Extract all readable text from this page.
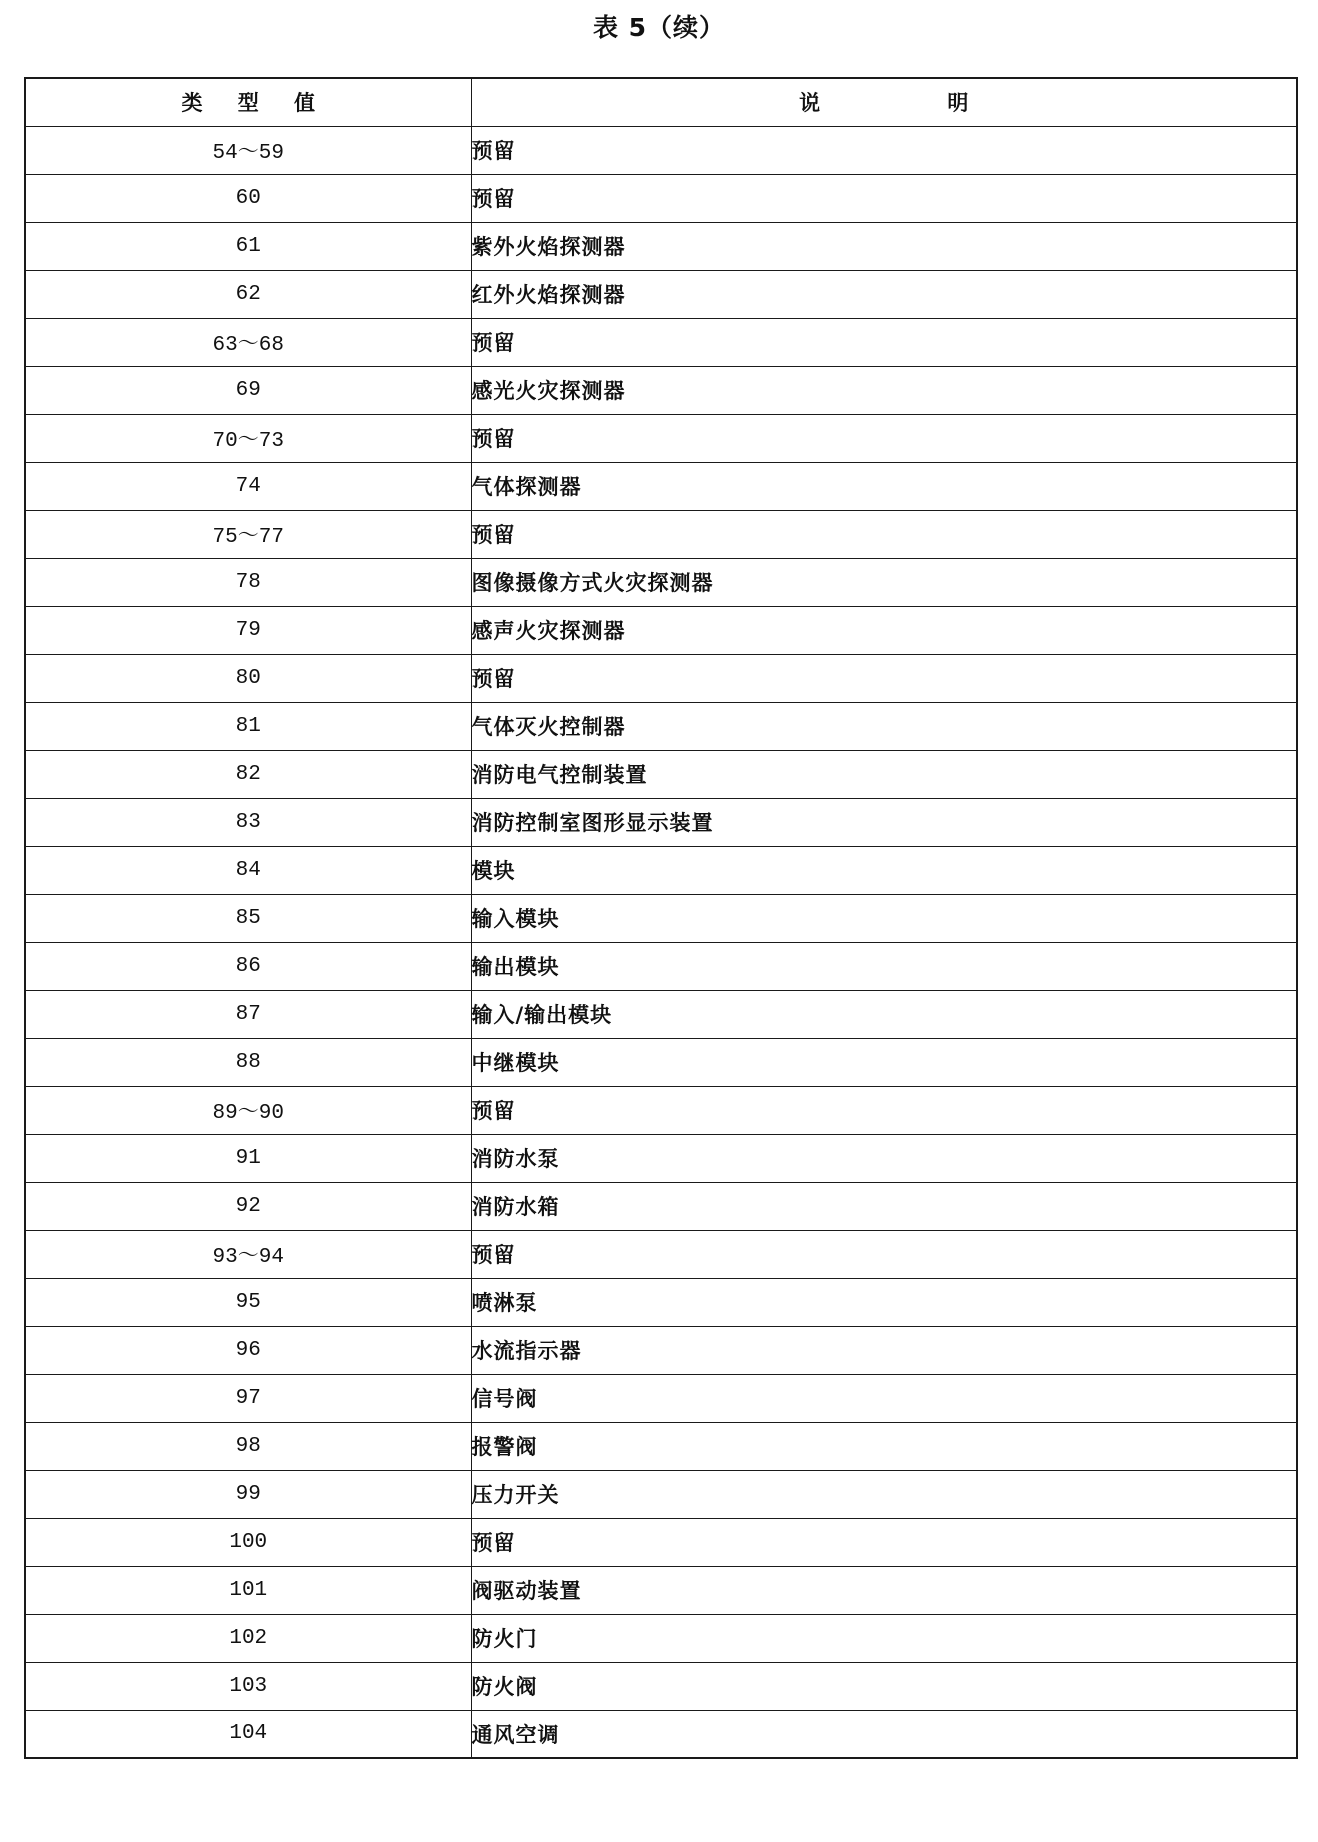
表 5（续）
类 型 值	说 明
54～59	预留
60	预留
61	紫外火焰探测器
62	红外火焰探测器
63～68	预留
69	感光火灾探测器
70～73	预留
74	气体探测器
75～77	预留
78	图像摄像方式火灾探测器
79	感声火灾探测器
80	预留
81	气体灭火控制器
82	消防电气控制装置
83	消防控制室图形显示装置
84	模块
85	输入模块
86	输出模块
87	输入/输出模块
88	中继模块
89～90	预留
91	消防水泵
92	消防水箱
93～94	预留
95	喷淋泵
96	水流指示器
97	信号阀
98	报警阀
99	压力开关
100	预留
101	阀驱动装置
102	防火门
103	防火阀
104	通风空调
